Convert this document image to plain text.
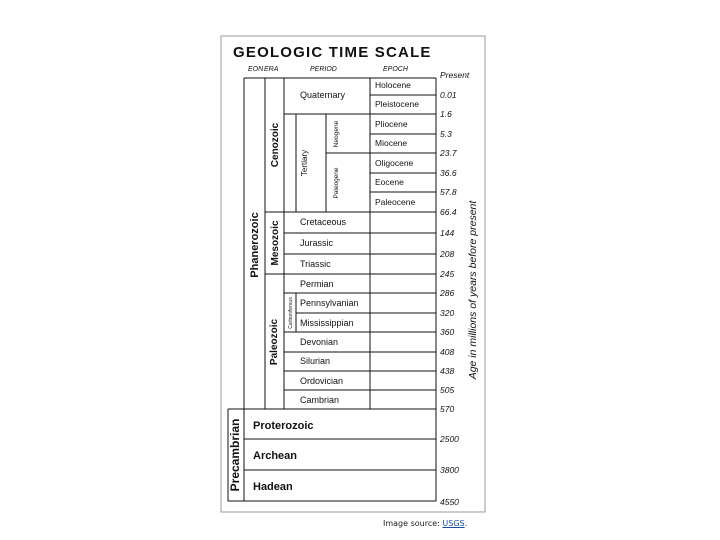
GEOLOGIC TIME SCALE
EON ERA	PERIOD	EPOCH
Phanerozoic
Precambrian
Cenozoic
Mesozoic
Paleozoic
Tertiary
Carboniferous
Neogene
Paleogene
Quaternary
Cretaceous
Jurassic
Triassic
Permian
Pennsylvanian
Mississippian
Devonian
Silurian
Ordovician
Cambrian
Holocene
Pleistocene
Pliocene
Miocene
Oligocene
Eocene
Paleocene
Proterozoic
Archean
Hadean
Present
0.01
1.6
5.3
23.7
36.6
57.8
66.4
144
208
245
286
320
360
408
438
505
570
2500
3800
4550
Age in millions of years before present
Image source: USGS.
